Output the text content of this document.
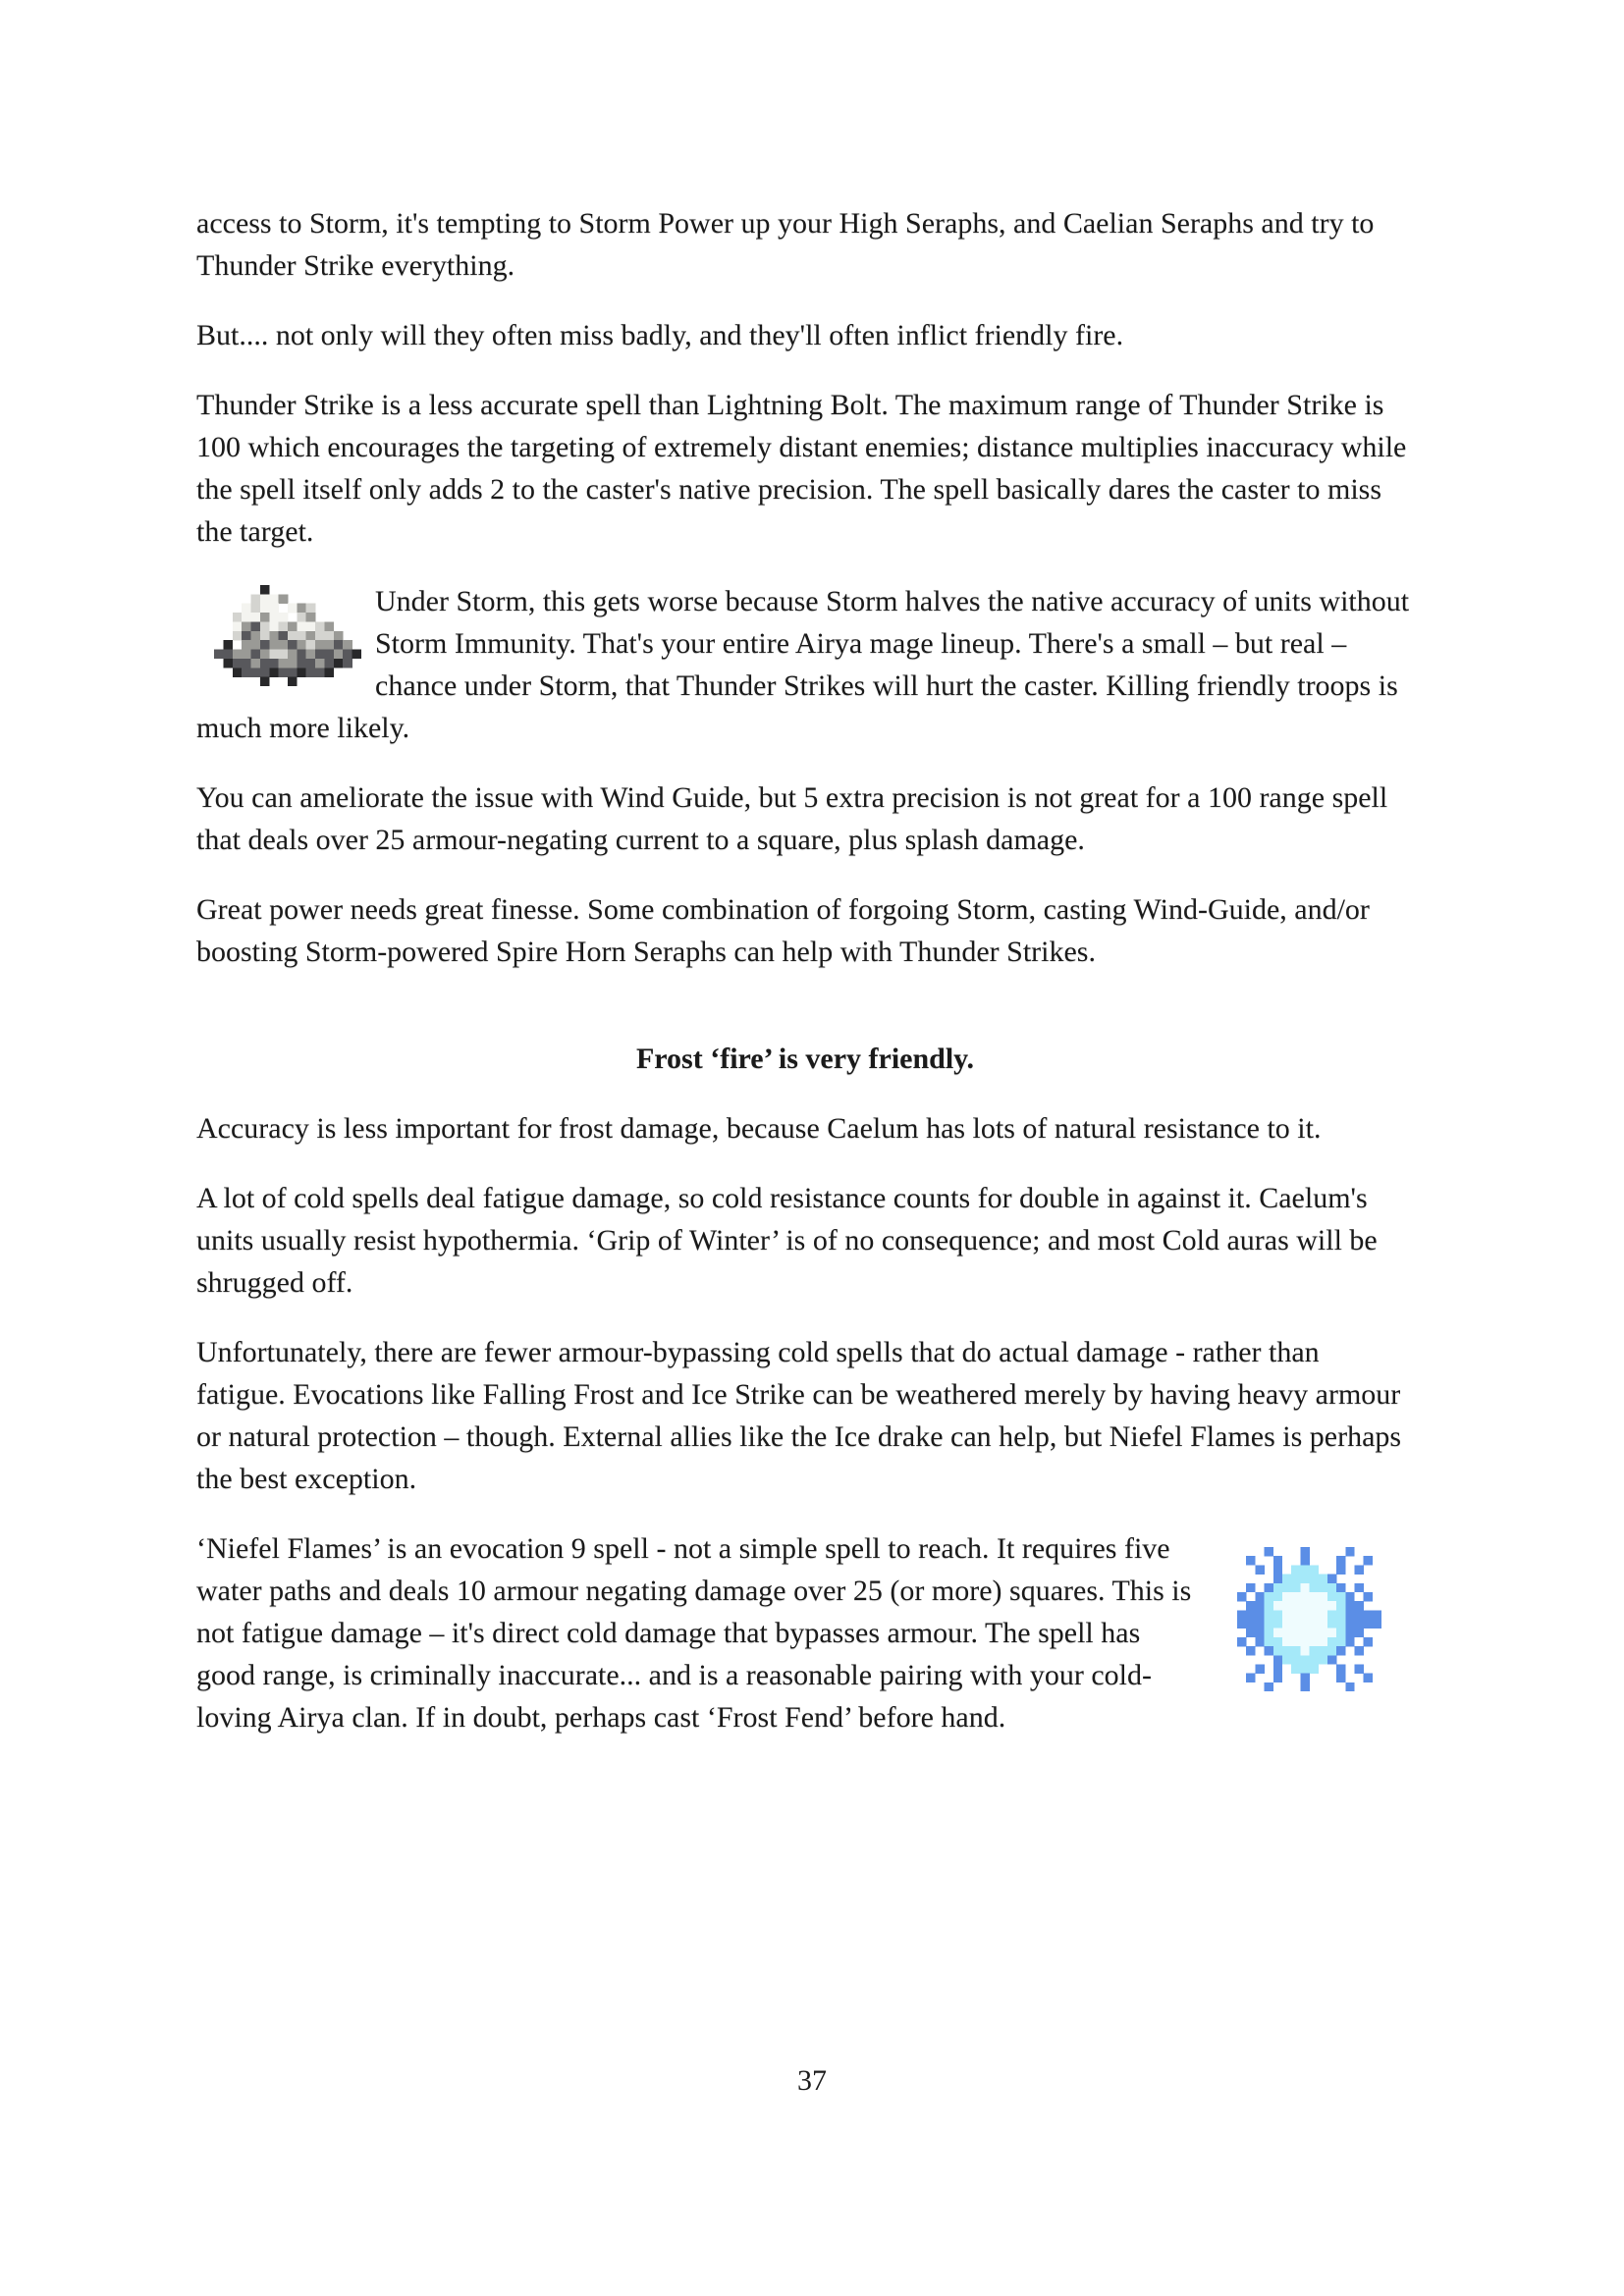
access to Storm, it's tempting to Storm Power up your High Seraphs, and Caelian Seraphs and try to Thunder Strike everything.

But.... not only will they often miss badly, and they'll often inflict friendly fire.

Thunder Strike is a less accurate spell than Lightning Bolt. The maximum range of Thunder Strike is 100 which encourages the targeting of extremely distant enemies; distance multiplies inaccuracy while the spell itself only adds 2 to the caster's native precision. The spell basically dares the caster to miss the target.

Under Storm, this gets worse because Storm halves the native accuracy of units without Storm Immunity. That's your entire Airya mage lineup. There's a small – but real – chance under Storm, that Thunder Strikes will hurt the caster. Killing friendly troops is much more likely.

You can ameliorate the issue with Wind Guide, but 5 extra precision is not great for a 100 range spell that deals over 25 armour-negating current to a square, plus splash damage.

Great power needs great finesse. Some combination of forgoing Storm, casting Wind-Guide, and/or boosting Storm-powered Spire Horn Seraphs can help with Thunder Strikes.

Frost ‘fire’ is very friendly.

Accuracy is less important for frost damage, because Caelum has lots of natural resistance to it.

A lot of cold spells deal fatigue damage, so cold resistance counts for double in against it. Caelum's units usually resist hypothermia. ‘Grip of Winter’ is of no consequence; and most Cold auras will be shrugged off.

Unfortunately, there are fewer armour-bypassing cold spells that do actual damage - rather than fatigue. Evocations like Falling Frost and Ice Strike can be weathered merely by having heavy armour or natural protection – though. External allies like the Ice drake can help, but Niefel Flames is perhaps the best exception.

‘Niefel Flames’ is an evocation 9 spell - not a simple spell to reach. It requires five water paths and deals 10 armour negating damage over 25 (or more) squares. This is not fatigue damage – it's direct cold damage that bypasses armour. The spell has good range, is criminally inaccurate... and is a reasonable pairing with your cold-loving Airya clan. If in doubt, perhaps cast ‘Frost Fend’ before hand.

37
